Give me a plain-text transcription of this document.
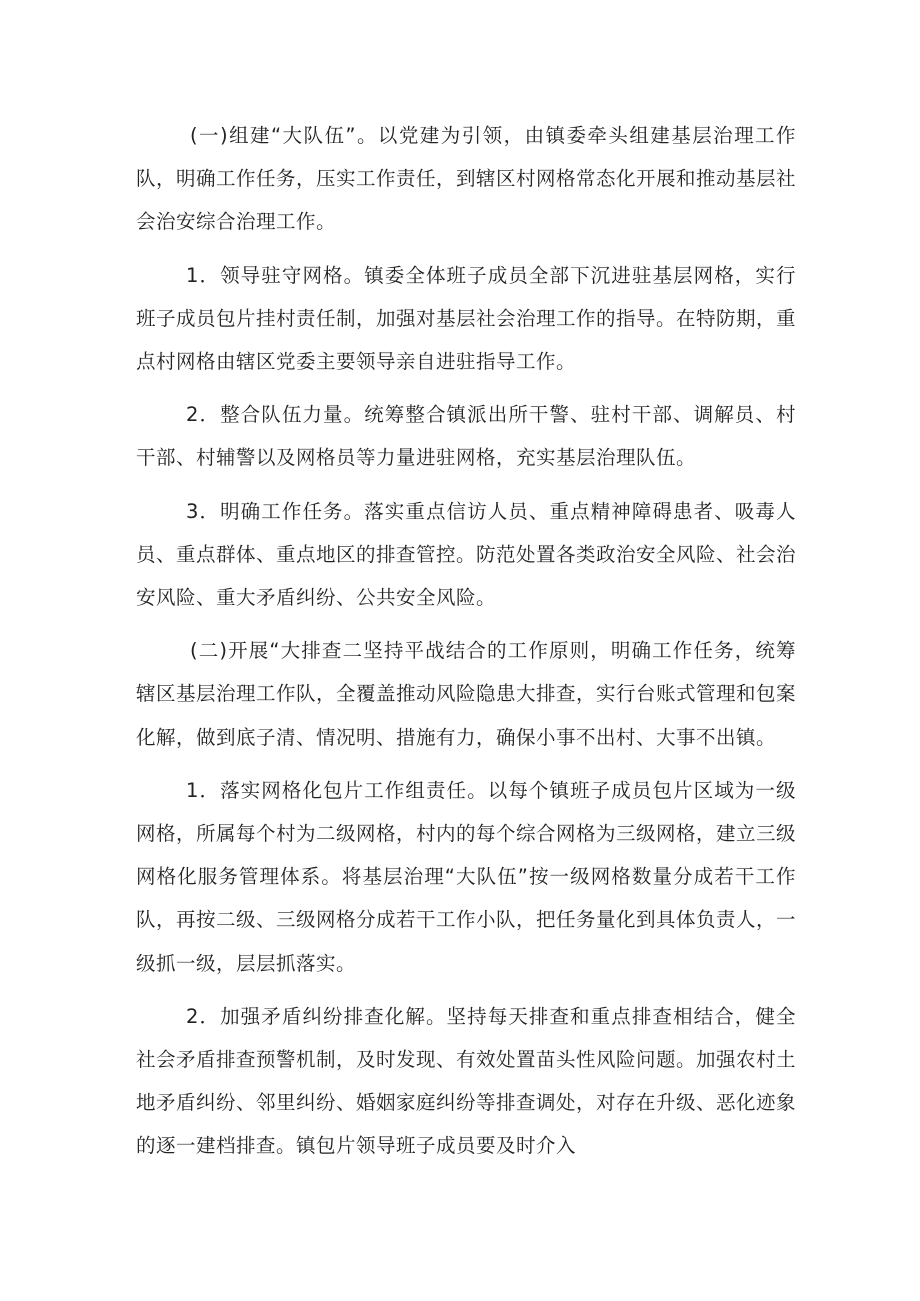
(一)组建“大队伍”。以党建为引领，由镇委牵头组建基层治理工作队，明确工作任务，压实工作责任，到辖区村网格常态化开展和推动基层社会治安综合治理工作。

1．领导驻守网格。镇委全体班子成员全部下沉进驻基层网格，实行班子成员包片挂村责任制，加强对基层社会治理工作的指导。在特防期，重点村网格由辖区党委主要领导亲自进驻指导工作。

2．整合队伍力量。统筹整合镇派出所干警、驻村干部、调解员、村干部、村辅警以及网格员等力量进驻网格，充实基层治理队伍。

3．明确工作任务。落实重点信访人员、重点精神障碍患者、吸毒人员、重点群体、重点地区的排查管控。防范处置各类政治安全风险、社会治安风险、重大矛盾纠纷、公共安全风险。

(二)开展“大排查二坚持平战结合的工作原则，明确工作任务，统筹辖区基层治理工作队，全覆盖推动风险隐患大排查，实行台账式管理和包案化解，做到底子清、情况明、措施有力，确保小事不出村、大事不出镇。

1．落实网格化包片工作组责任。以每个镇班子成员包片区域为一级网格，所属每个村为二级网格，村内的每个综合网格为三级网格，建立三级网格化服务管理体系。将基层治理“大队伍”按一级网格数量分成若干工作队，再按二级、三级网格分成若干工作小队，把任务量化到具体负责人，一级抓一级，层层抓落实。

2．加强矛盾纠纷排查化解。坚持每天排查和重点排查相结合，健全社会矛盾排查预警机制，及时发现、有效处置苗头性风险问题。加强农村土地矛盾纠纷、邻里纠纷、婚姻家庭纠纷等排查调处，对存在升级、恶化迹象的逐一建档排查。镇包片领导班子成员要及时介入
